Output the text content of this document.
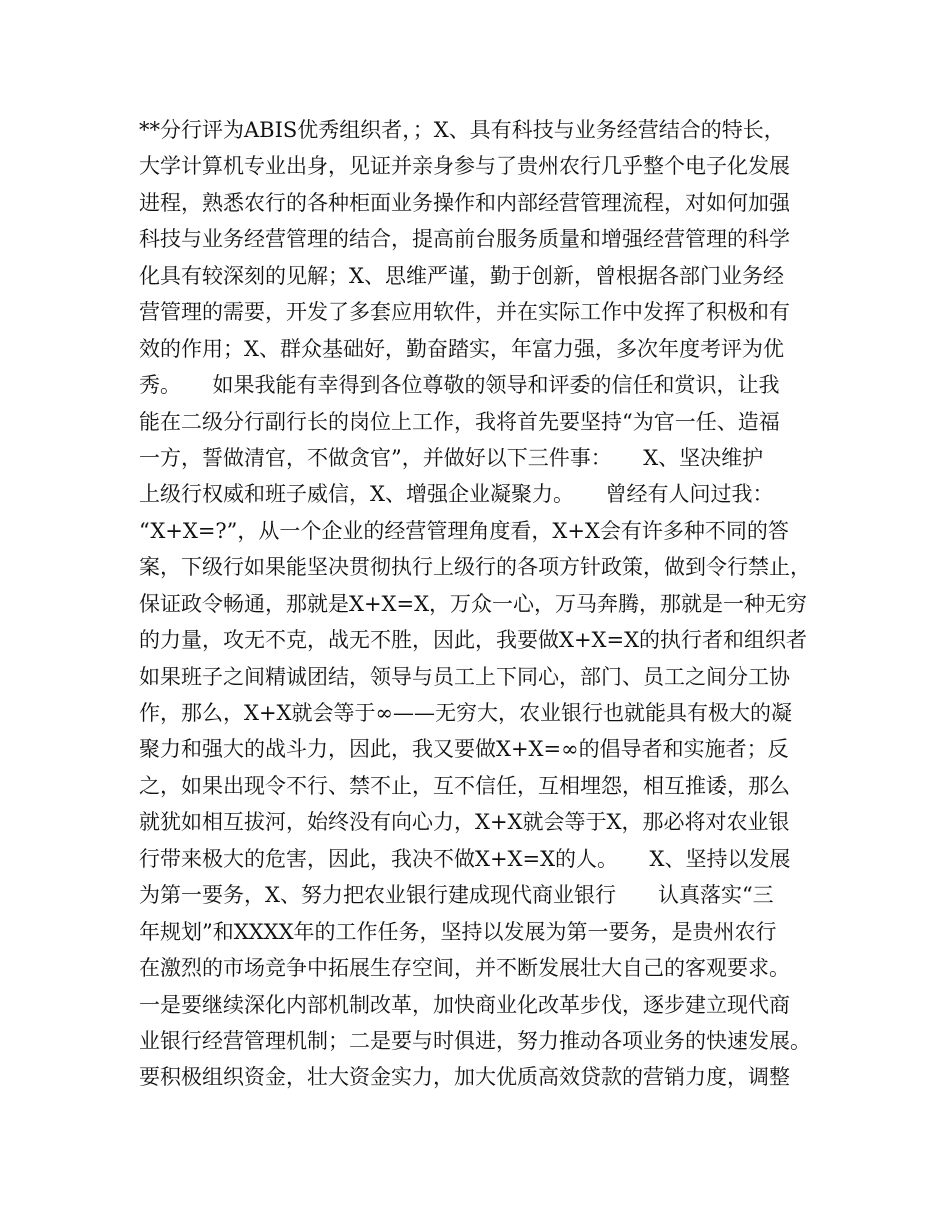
**分行评为ABIS优秀组织者，；X、具有科技与业务经营结合的特长，
大学计算机专业出身，见证并亲身参与了贵州农行几乎整个电子化发展
进程，熟悉农行的各种柜面业务操作和内部经营管理流程，对如何加强
科技与业务经营管理的结合，提高前台服务质量和增强经营管理的科学
化具有较深刻的见解；X、思维严谨，勤于创新，曾根据各部门业务经
营管理的需要，开发了多套应用软件，并在实际工作中发挥了积极和有
效的作用；X、群众基础好，勤奋踏实，年富力强，多次年度考评为优
秀。　　如果我能有幸得到各位尊敬的领导和评委的信任和赏识，让我
能在二级分行副行长的岗位上工作，我将首先要坚持“为官一任、造福
一方，誓做清官，不做贪官”，并做好以下三件事：　　X、坚决维护
上级行权威和班子威信，X、增强企业凝聚力。　　曾经有人问过我：
“X+X=?”，从一个企业的经营管理角度看，X+X会有许多种不同的答
案，下级行如果能坚决贯彻执行上级行的各项方针政策，做到令行禁止，
保证政令畅通，那就是X+X=X，万众一心，万马奔腾，那就是一种无穷
的力量，攻无不克，战无不胜，因此，我要做X+X=X的执行者和组织者
如果班子之间精诚团结，领导与员工上下同心，部门、员工之间分工协
作，那么，X+X就会等于∞——无穷大，农业银行也就能具有极大的凝
聚力和强大的战斗力，因此，我又要做X+X=∞的倡导者和实施者；反
之，如果出现令不行、禁不止，互不信任，互相埋怨，相互推诿，那么
就犹如相互拔河，始终没有向心力，X+X就会等于X，那必将对农业银
行带来极大的危害，因此，我决不做X+X=X的人。　　X、坚持以发展
为第一要务，X、努力把农业银行建成现代商业银行　　认真落实“三
年规划”和XXXX年的工作任务，坚持以发展为第一要务，是贵州农行
在激烈的市场竞争中拓展生存空间，并不断发展壮大自己的客观要求。
一是要继续深化内部机制改革，加快商业化改革步伐，逐步建立现代商
业银行经营管理机制；二是要与时俱进，努力推动各项业务的快速发展。
要积极组织资金，壮大资金实力，加大优质高效贷款的营销力度，调整
